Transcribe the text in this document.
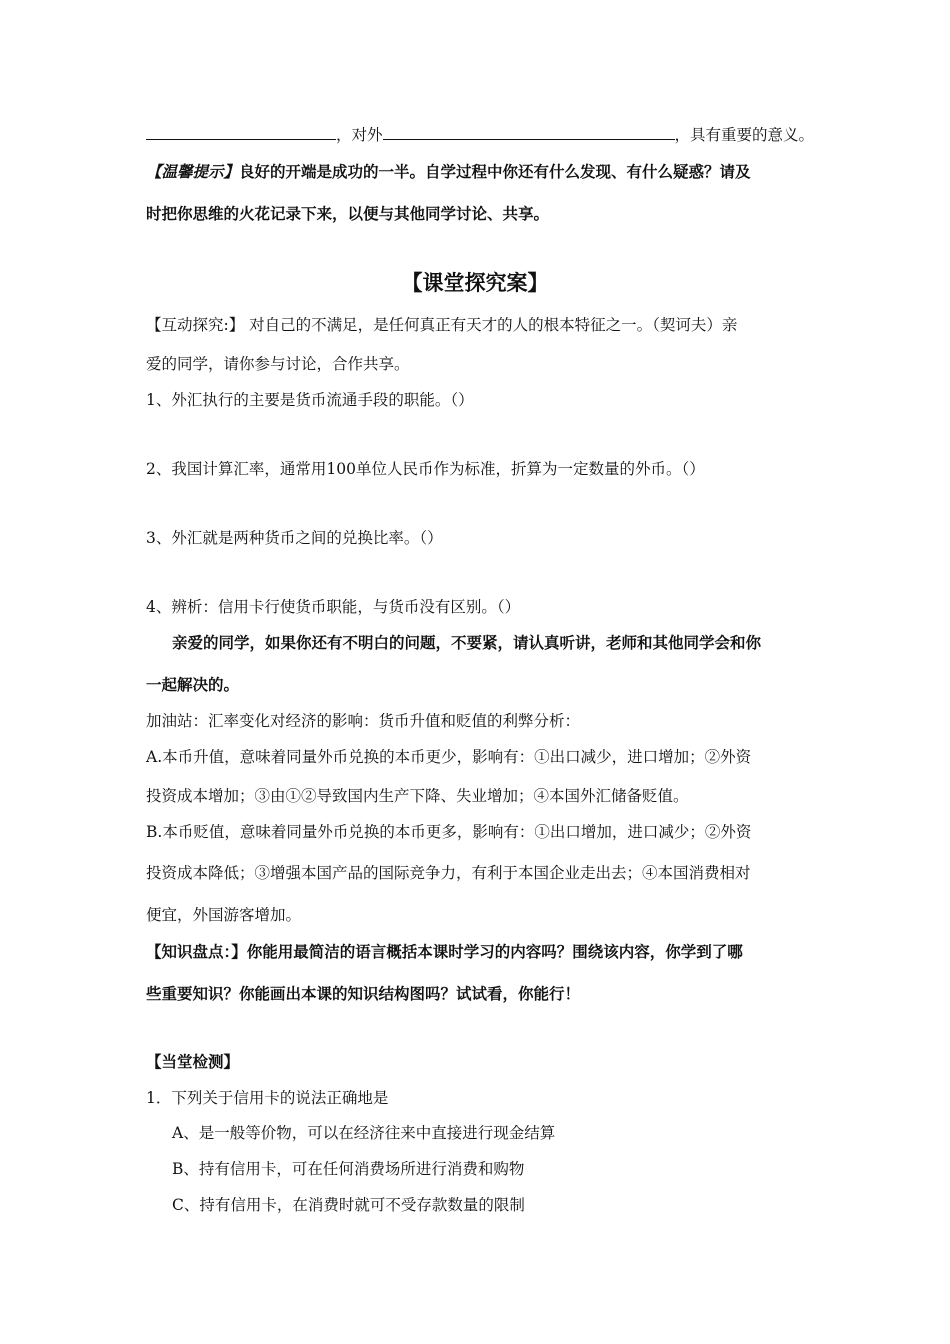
，对外	，具有重要的意义。
【温馨提示】良好的开端是成功的一半。自学过程中你还有什么发现、有什么疑惑？请及
时把你思维的火花记录下来，以便与其他同学讨论、共享。
【课堂探究案】
【互动探究:】 对自己的不满足，是任何真正有天才的人的根本特征之一。（契诃夫）亲
爱的同学，请你参与讨论，合作共享。
1、外汇执行的主要是货币流通手段的职能。（）
2、我国计算汇率，通常用100单位人民币作为标准，折算为一定数量的外币。（）
3、外汇就是两种货币之间的兑换比率。（）
4、辨析：信用卡行使货币职能，与货币没有区别。（）
亲爱的同学，如果你还有不明白的问题，不要紧，请认真听讲，老师和其他同学会和你
一起解决的。
加油站：汇率变化对经济的影响：货币升值和贬值的利弊分析：
A.本币升值，意味着同量外币兑换的本币更少，影响有：①出口减少，进口增加；②外资
投资成本增加；③由①②导致国内生产下降、失业增加；④本国外汇储备贬值。
B.本币贬值，意味着同量外币兑换的本币更多，影响有：①出口增加，进口减少；②外资
投资成本降低；③增强本国产品的国际竞争力，有利于本国企业走出去；④本国消费相对
便宜，外国游客增加。
【知识盘点：】你能用最简洁的语言概括本课时学习的内容吗？围绕该内容，你学到了哪
些重要知识？你能画出本课的知识结构图吗？试试看，你能行！
【当堂检测】
1．下列关于信用卡的说法正确地是
A、是一般等价物，可以在经济往来中直接进行现金结算
B、持有信用卡，可在任何消费场所进行消费和购物
C、持有信用卡，在消费时就可不受存款数量的限制
